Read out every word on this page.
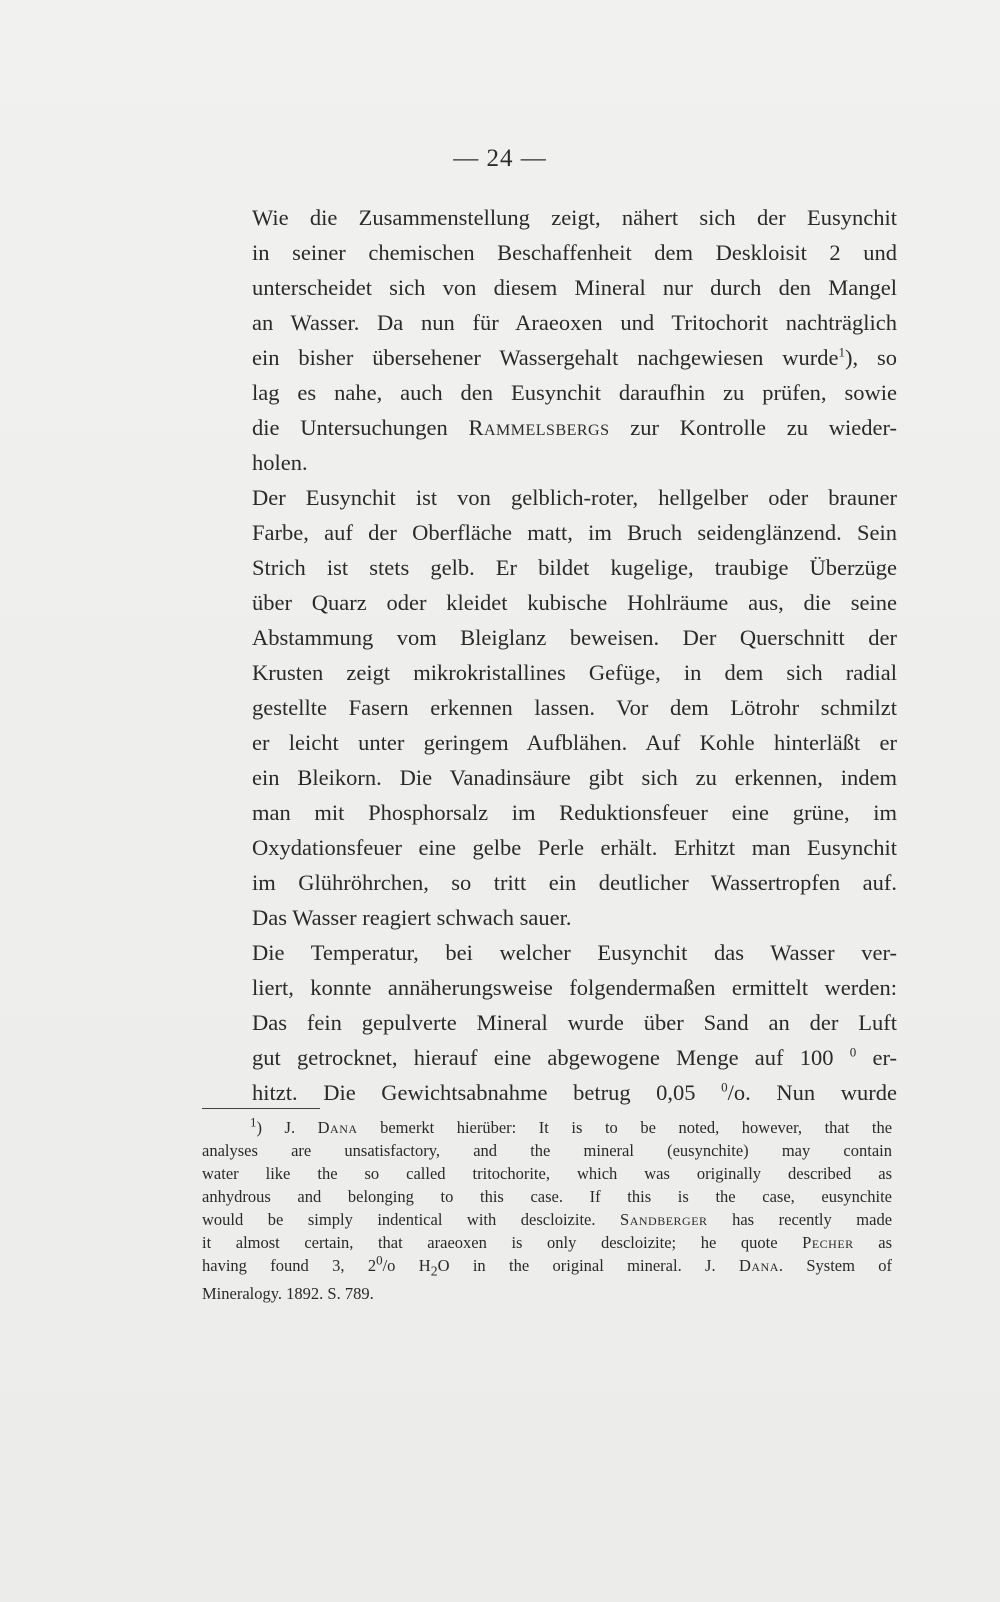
— 24 —

Wie die Zusammenstellung zeigt, nähert sich der Eusynchit
in seiner chemischen Beschaffenheit dem Deskloisit 2 und
unterscheidet sich von diesem Mineral nur durch den Mangel
an Wasser. Da nun für Araeoxen und Tritochorit nachträglich
ein bisher übersehener Wassergehalt nachgewiesen wurde$^1$), so
lag es nahe, auch den Eusynchit daraufhin zu prüfen, sowie
die Untersuchungen Rammelsbergs zur Kontrolle zu wieder-
holen.

Der Eusynchit ist von gelblich-roter, hellgelber oder brauner
Farbe, auf der Oberfläche matt, im Bruch seidenglänzend. Sein
Strich ist stets gelb. Er bildet kugelige, traubige Überzüge
über Quarz oder kleidet kubische Hohlräume aus, die seine
Abstammung vom Bleiglanz beweisen. Der Querschnitt der
Krusten zeigt mikrokristallines Gefüge, in dem sich radial
gestellte Fasern erkennen lassen. Vor dem Lötrohr schmilzt
er leicht unter geringem Aufblähen. Auf Kohle hinterläßt er
ein Bleikorn. Die Vanadinsäure gibt sich zu erkennen, indem
man mit Phosphorsalz im Reduktionsfeuer eine grüne, im
Oxydationsfeuer eine gelbe Perle erhält. Erhitzt man Eusynchit
im Glühröhrchen, so tritt ein deutlicher Wassertropfen auf.
Das Wasser reagiert schwach sauer.

Die Temperatur, bei welcher Eusynchit das Wasser ver-
liert, konnte annäherungsweise folgendermaßen ermittelt werden:
Das fein gepulverte Mineral wurde über Sand an der Luft
gut getrocknet, hierauf eine abgewogene Menge auf 100 $^0$ er-
hitzt. Die Gewichtsabnahme betrug 0,05 $^0$/o. Nun wurde

$^1$) J. Dana bemerkt hierüber: It is to be noted, however, that the
analyses are unsatisfactory, and the mineral (eusynchite) may contain
water like the so called tritochorite, which was originally described as
anhydrous and belonging to this case. If this is the case, eusynchite
would be simply indentical with descloizite. Sandberger has recently made
it almost certain, that araeoxen is only descloizite; he quote Pecher as
having found 3, $2^0/o$ $H_2O$ in the original mineral. J. Dana. System of
Mineralogy. 1892. S. 789.
